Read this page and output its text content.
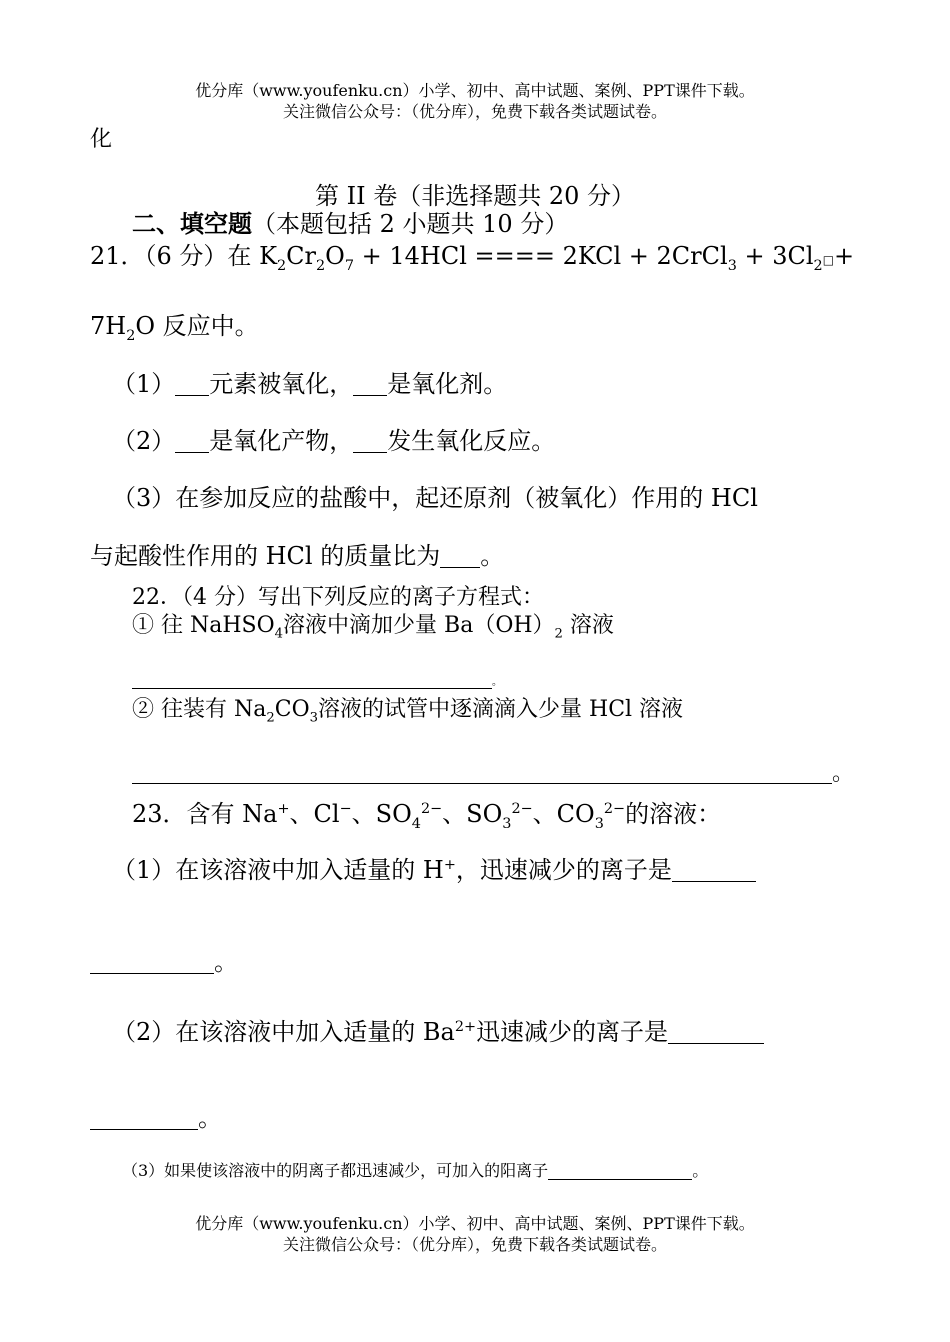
优分库（www.youfenku.cn）小学、初中、高中试题、案例、PPT课件下载。
关注微信公众号：（优分库），免费下载各类试题试卷。
化
第 II 卷（非选择题共 20 分）
二、填空题（本题包括 2 小题共 10 分）
21．（6 分）在 $K_2Cr_2O_7 + 14HCl$ ==== 2KCl + 2CrCl$_3$ + $3Cl_2□+$
$7H_2O$ 反应中。
（1） 元素被氧化， 是氧化剂。
（2） 是氧化产物， 发生氧化反应。
（3）在参加反应的盐酸中，起还原剂（被氧化）作用的 HCl
与起酸性作用的 HCl 的质量比为 。
22．（4 分）写出下列反应的离子方程式：
① 往 NaHSO$_4$溶液中滴加少量 $Ba(OH)_2$ 溶液
。
② 往装有 $Na_2CO_3$溶液的试管中逐滴滴入少量 HCl 溶液
。
23．含有 Na+、Cl−、$SO_4^{2-}$、$SO_3^{2-}$、$CO_3^{2-}$的溶液：
（1）在该溶液中加入适量的 H+，迅速减少的离子是
。
（2）在该溶液中加入适量的 $Ba^{2+}$迅速减少的离子是
。
（3）如果使该溶液中的阴离子都迅速减少，可加入的阳离子	。
优分库（www.youfenku.cn）小学、初中、高中试题、案例、PPT课件下载。
关注微信公众号：（优分库），免费下载各类试题试卷。
